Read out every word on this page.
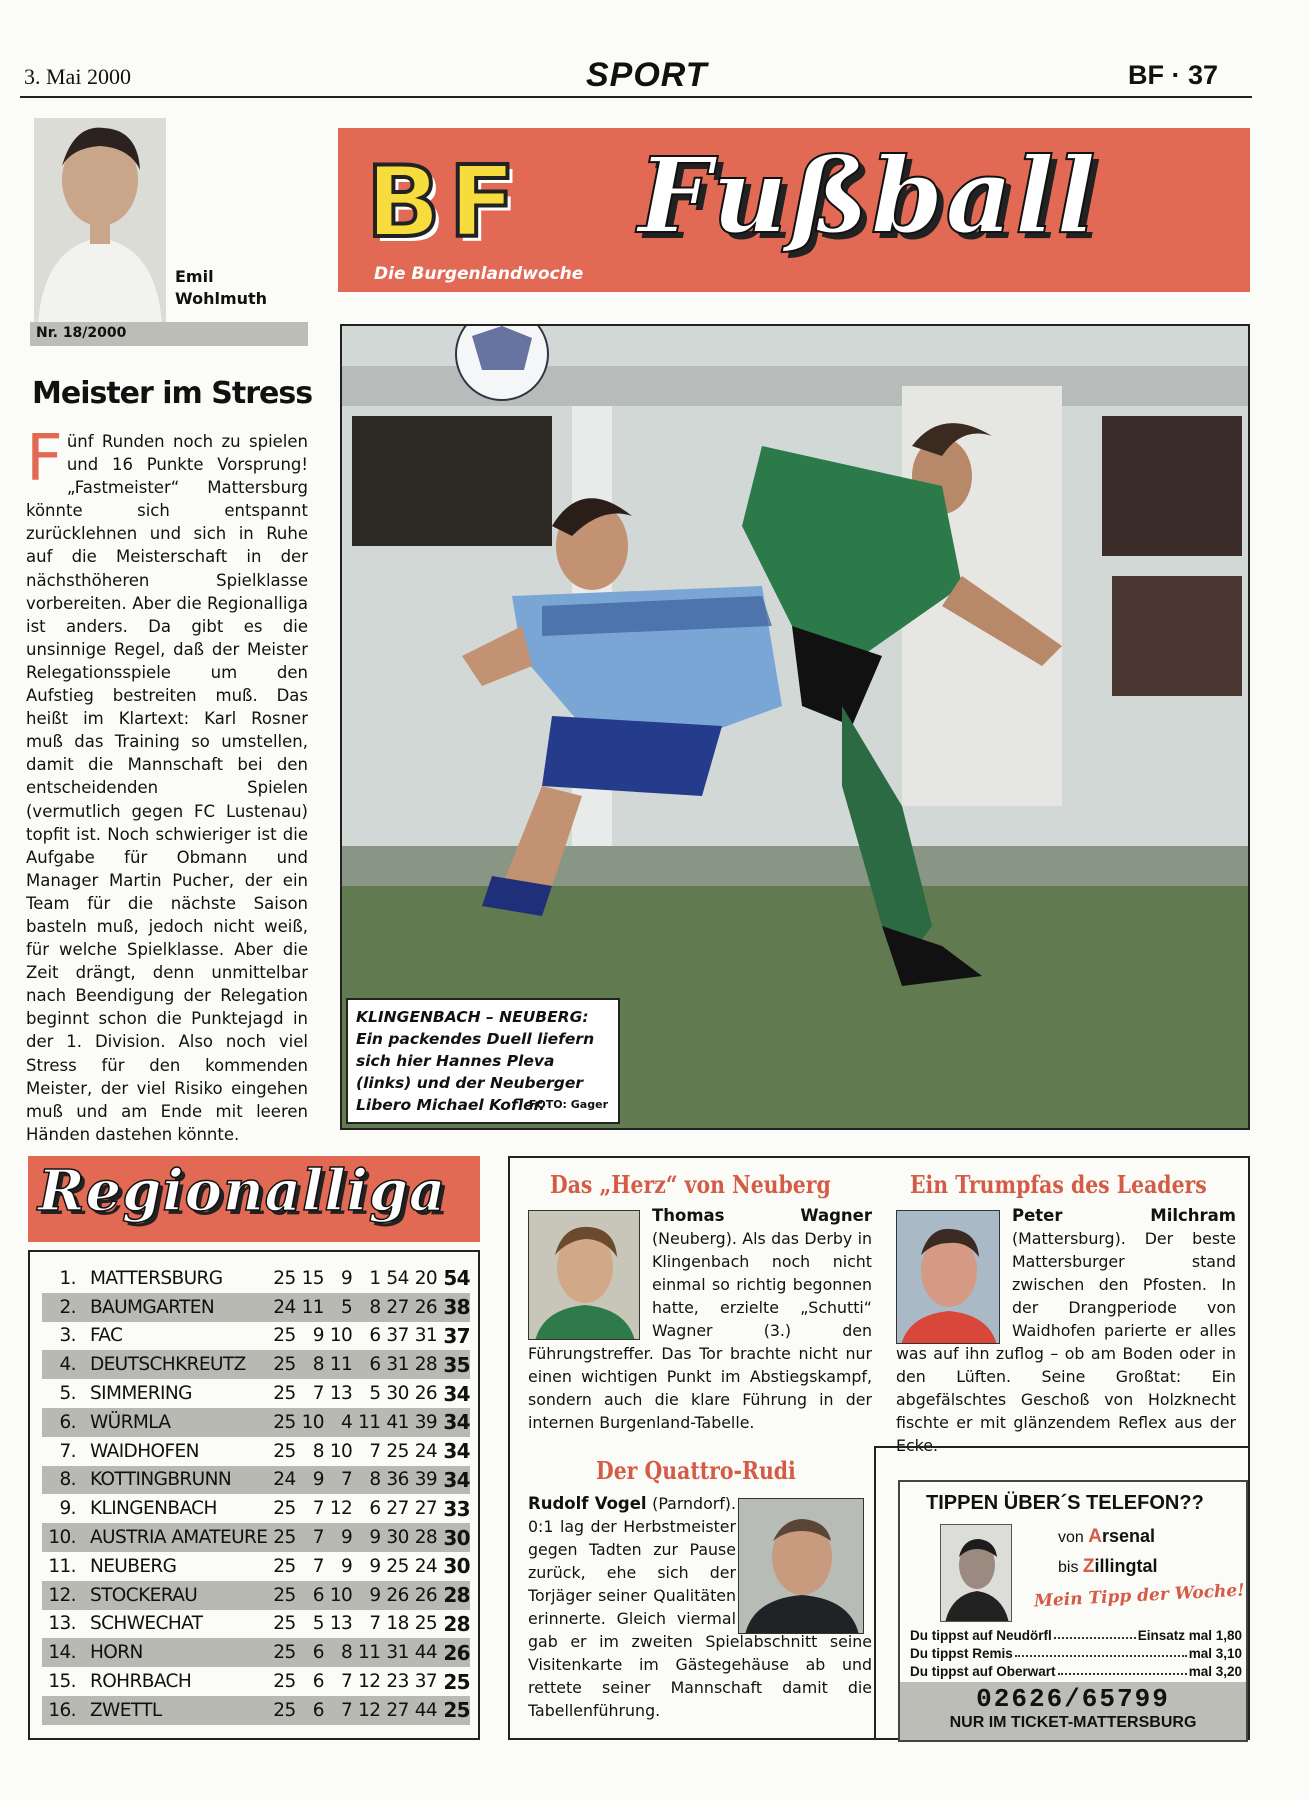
3. Mai 2000	SPORT	BF · 37
Emil
Wohlmuth
Nr. 18/2000
BF Fußball
Die Burgenlandwoche
Meister im Stress
Fünf Runden noch zu spielen und 16 Punkte Vorsprung! „Fastmeister“ Mattersburg könnte sich entspannt zurücklehnen und sich in Ruhe auf die Meisterschaft in der nächsthöheren Spielklasse vorbereiten. Aber die Regionalliga ist anders. Da gibt es die unsinnige Regel, daß der Meister Relegationsspiele um den Aufstieg bestreiten muß. Das heißt im Klartext: Karl Rosner muß das Training so umstellen, damit die Mannschaft bei den entscheidenden Spielen (vermutlich gegen FC Lustenau) topfit ist. Noch schwieriger ist die Aufgabe für Obmann und Manager Martin Pucher, der ein Team für die nächste Saison basteln muß, jedoch nicht weiß, für welche Spielklasse. Aber die Zeit drängt, denn unmittelbar nach Beendigung der Relegation beginnt schon die Punktejagd in der 1. Division. Also noch viel Stress für den kommenden Meister, der viel Risiko eingehen muß und am Ende mit leeren Händen dastehen könnte.
KLINGENBACH – NEUBERG: Ein packendes Duell liefern sich hier Hannes Pleva (links) und der Neuberger Libero Michael Kofler.
FOTO: Gager
Regionalliga
1.	MATTERSBURG	25	15	9	1	54	20	54
2.	BAUMGARTEN	24	11	5	8	27	26	38
3.	FAC	25	9	10	6	37	31	37
4.	DEUTSCHKREUTZ	25	8	11	6	31	28	35
5.	SIMMERING	25	7	13	5	30	26	34
6.	WÜRMLA	25	10	4	11	41	39	34
7.	WAIDHOFEN	25	8	10	7	25	24	34
8.	KOTTINGBRUNN	24	9	7	8	36	39	34
9.	KLINGENBACH	25	7	12	6	27	27	33
10.	AUSTRIA AMATEURE	25	7	9	9	30	28	30
11.	NEUBERG	25	7	9	9	25	24	30
12.	STOCKERAU	25	6	10	9	26	26	28
13.	SCHWECHAT	25	5	13	7	18	25	28
14.	HORN	25	6	8	11	31	44	26
15.	ROHRBACH	25	6	7	12	23	37	25
16.	ZWETTL	25	6	7	12	27	44	25
Das „Herz“ von Neuberg
Thomas Wagner (Neuberg). Als das Derby in Klingenbach noch nicht einmal so richtig begonnen hatte, erzielte „Schutti“ Wagner (3.) den Führungstreffer. Das Tor brachte nicht nur einen wichtigen Punkt im Abstiegskampf, sondern auch die klare Führung in der internen Burgenland-Tabelle.
Ein Trumpfas des Leaders
Peter Milchram (Mattersburg). Der beste Mattersburger stand zwischen den Pfosten. In der Drangperiode von Waidhofen parierte er alles was auf ihn zuflog – ob am Boden oder in den Lüften. Seine Großtat: Ein abgefälschtes Geschoß von Holzknecht fischte er mit glänzendem Reflex aus der
Der Quattro-Rudi
Rudolf Vogel (Parndorf). 0:1 lag der Herbstmeister gegen Tadten zur Pause zurück, ehe sich der Torjäger seiner Qualitäten erinnerte. Gleich viermal gab er im zweiten Spielabschnitt seine Visitenkarte im Gästegehäuse ab und rettete seiner Mannschaft damit die Tabellenführung.
TIPPEN ÜBER´S TELEFON??
von Arsenal
bis Zillingtal
Mein Tipp der Woche!
Du tippst auf Neudörfl	Einsatz mal 1,80
Du tippst Remis	mal 3,10
Du tippst auf Oberwart	mal 3,20
02626/65799
NUR IM TICKET-MATTERSBURG
